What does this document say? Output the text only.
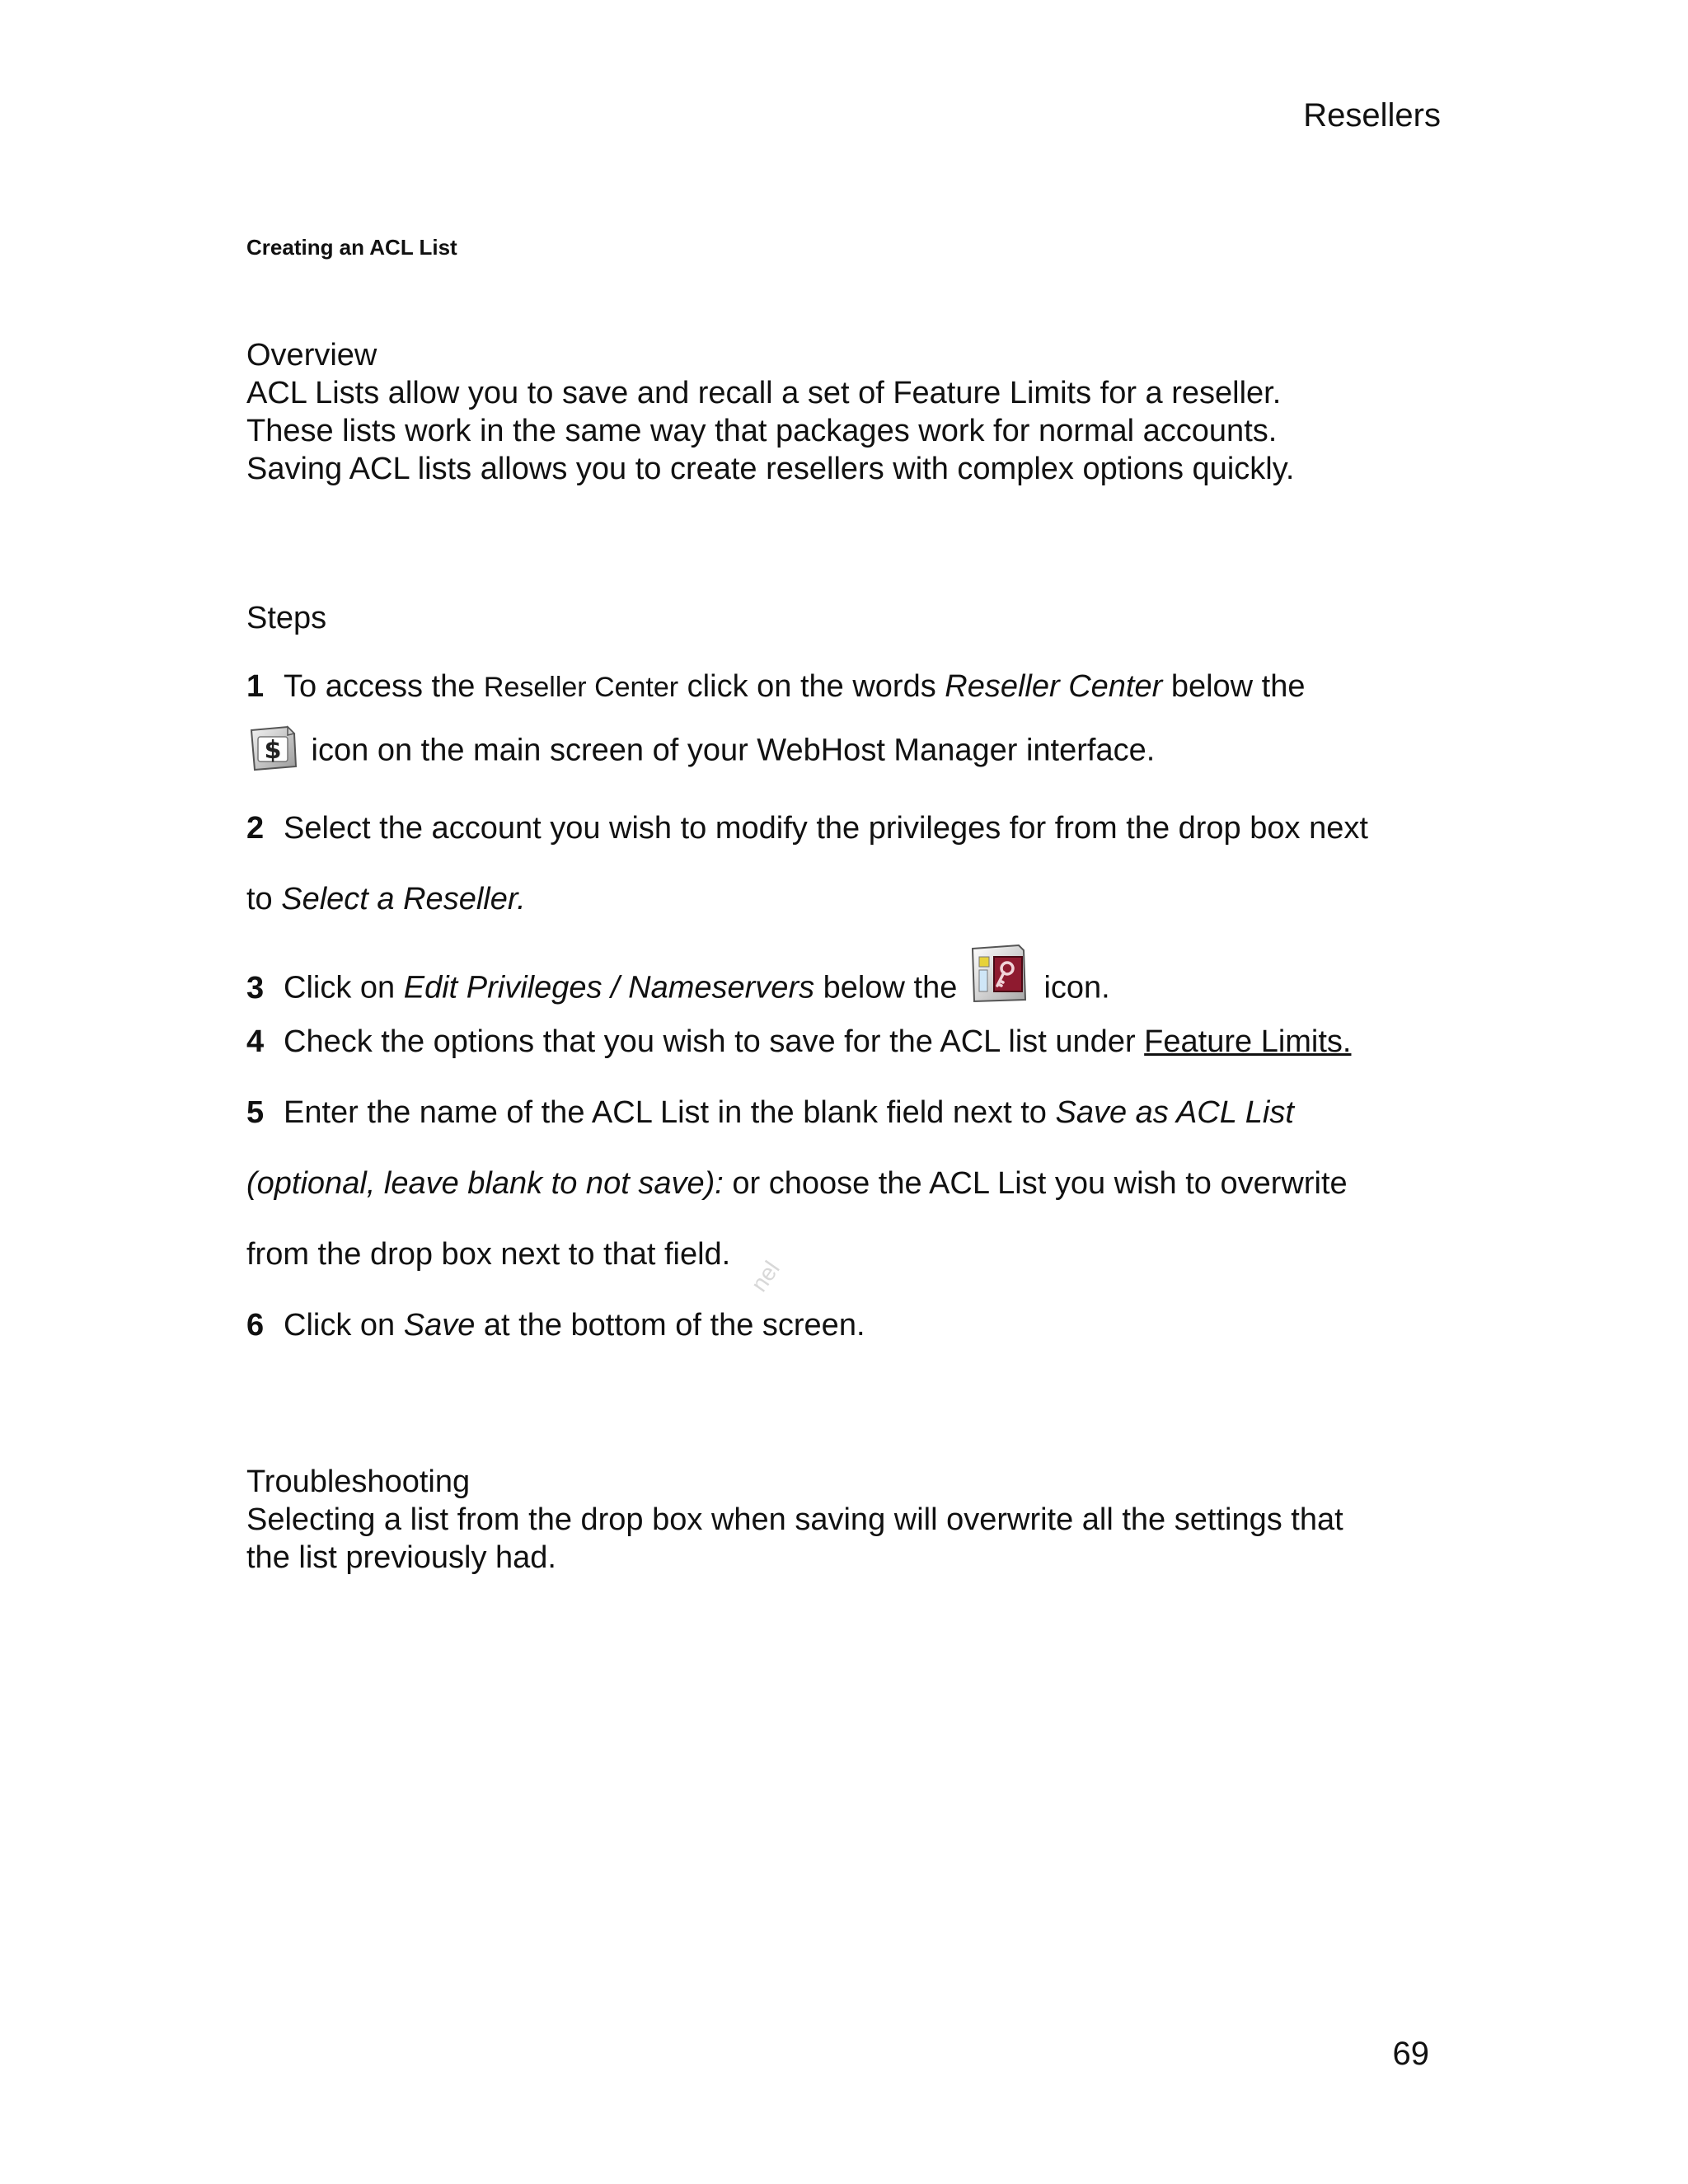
Resellers
Creating an ACL List
Overview
ACL Lists allow you to save and recall a set of Feature Limits for a reseller.
These lists work in the same way that packages work for normal accounts.
Saving ACL lists allows you to create resellers with complex options quickly.
Steps
1 To access the Reseller Center click on the words Reseller Center below the
$ icon on the main screen of your WebHost Manager interface.
2 Select the account you wish to modify the privileges for from the drop box next
to Select a Reseller.
3 Click on Edit Privileges / Nameservers below the  icon.
4 Check the options that you wish to save for the ACL list under Feature Limits.
5 Enter the name of the ACL List in the blank field next to Save as ACL List
(optional, leave blank to not save): or choose the ACL List you wish to overwrite
from the drop box next to that field.
6 Click on Save at the bottom of the screen.
nel
Troubleshooting
Selecting a list from the drop box when saving will overwrite all the settings that
the list previously had.
69
